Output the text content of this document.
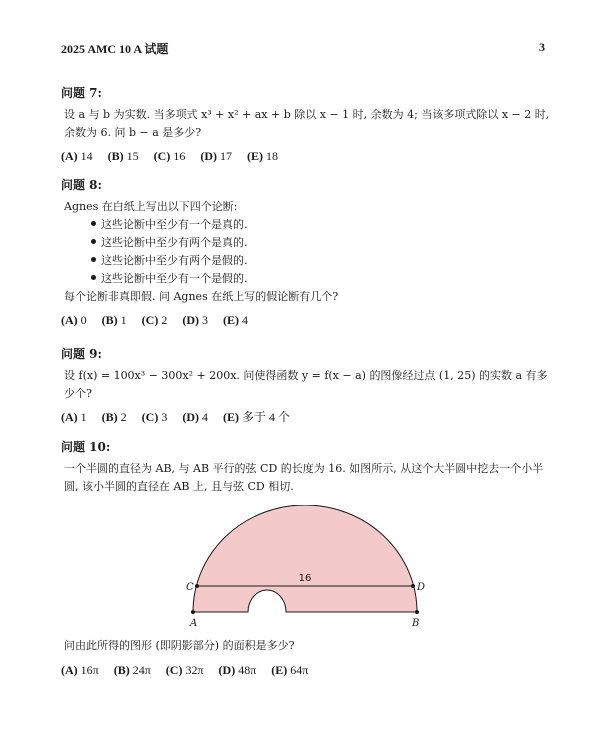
2025 AMC 10 A 试题	3
问题 7:
设 a 与 b 为实数. 当多项式 x³ + x² + ax + b 除以 x − 1 时, 余数为 4; 当该多项式除以 x − 2 时, 余数为 6. 问 b − a 是多少?
(A) 14 (B) 15 (C) 16 (D) 17 (E) 18
问题 8:
Agnes 在白纸上写出以下四个论断:
这些论断中至少有一个是真的.
这些论断中至少有两个是真的.
这些论断中至少有两个是假的.
这些论断中至少有一个是假的.
每个论断非真即假. 问 Agnes 在纸上写的假论断有几个?
(A) 0 (B) 1 (C) 2 (D) 3 (E) 4
问题 9:
设 f(x) = 100x³ − 300x² + 200x. 问使得函数 y = f(x − a) 的图像经过点 (1, 25) 的实数 a 有多少个?
(A) 1 (B) 2 (C) 3 (D) 4 (E) 多于 4 个
问题 10:
一个半圆的直径为 AB, 与 AB 平行的弦 CD 的长度为 16. 如图所示, 从这个大半圆中挖去一个小半圆, 该小半圆的直径在 AB 上, 且与弦 CD 相切.
16
C	D
A	B
问由此所得的图形 (即阴影部分) 的面积是多少?
(A) 16π (B) 24π (C) 32π (D) 48π (E) 64π
